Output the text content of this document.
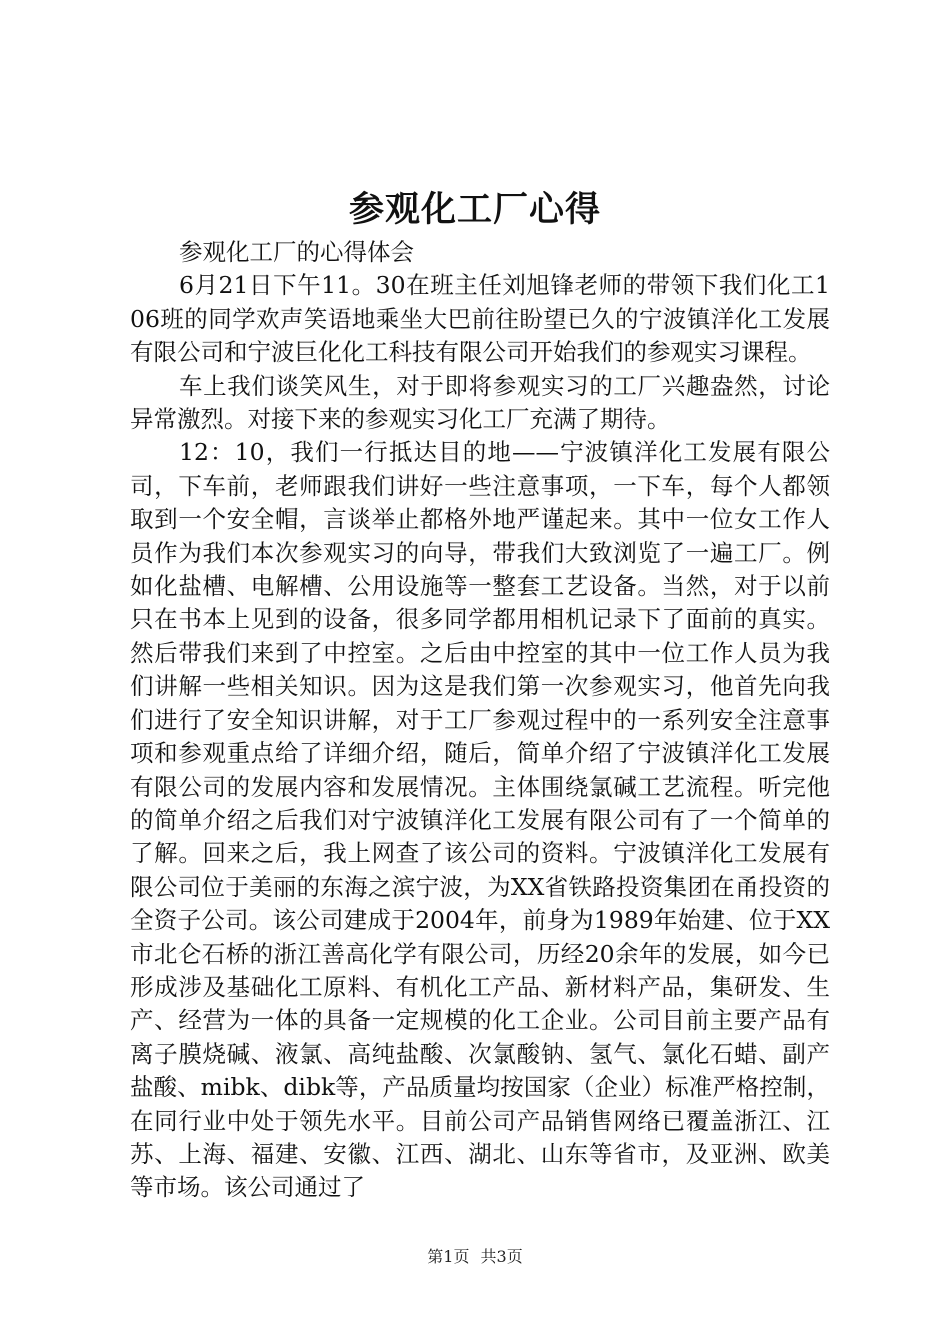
参观化工厂心得

参观化工厂的心得体会

6月21日下午11。30在班主任刘旭锋老师的带领下我们化工106班的同学欢声笑语地乘坐大巴前往盼望已久的宁波镇洋化工发展有限公司和宁波巨化化工科技有限公司开始我们的参观实习课程。

车上我们谈笑风生，对于即将参观实习的工厂兴趣盎然，讨论异常激烈。对接下来的参观实习化工厂充满了期待。

12：10，我们一行抵达目的地——宁波镇洋化工发展有限公司，下车前，老师跟我们讲好一些注意事项，一下车，每个人都领取到一个安全帽，言谈举止都格外地严谨起来。其中一位女工作人员作为我们本次参观实习的向导，带我们大致浏览了一遍工厂。例如化盐槽、电解槽、公用设施等一整套工艺设备。当然，对于以前只在书本上见到的设备，很多同学都用相机记录下了面前的真实。然后带我们来到了中控室。之后由中控室的其中一位工作人员为我们讲解一些相关知识。因为这是我们第一次参观实习，他首先向我们进行了安全知识讲解，对于工厂参观过程中的一系列安全注意事项和参观重点给了详细介绍，随后，简单介绍了宁波镇洋化工发展有限公司的发展内容和发展情况。主体围绕氯碱工艺流程。听完他的简单介绍之后我们对宁波镇洋化工发展有限公司有了一个简单的了解。回来之后，我上网查了该公司的资料。宁波镇洋化工发展有限公司位于美丽的东海之滨宁波，为XX省铁路投资集团在甬投资的全资子公司。该公司建成于2004年，前身为1989年始建、位于XX市北仑石桥的浙江善高化学有限公司，历经20余年的发展，如今已形成涉及基础化工原料、有机化工产品、新材料产品，集研发、生产、经营为一体的具备一定规模的化工企业。公司目前主要产品有离子膜烧碱、液氯、高纯盐酸、次氯酸钠、氢气、氯化石蜡、副产盐酸、mibk、dibk等，产品质量均按国家（企业）标准严格控制，在同行业中处于领先水平。目前公司产品销售网络已覆盖浙江、江苏、上海、福建、安徽、江西、湖北、山东等省市，及亚洲、欧美等市场。该公司通过了

第1页 共3页
